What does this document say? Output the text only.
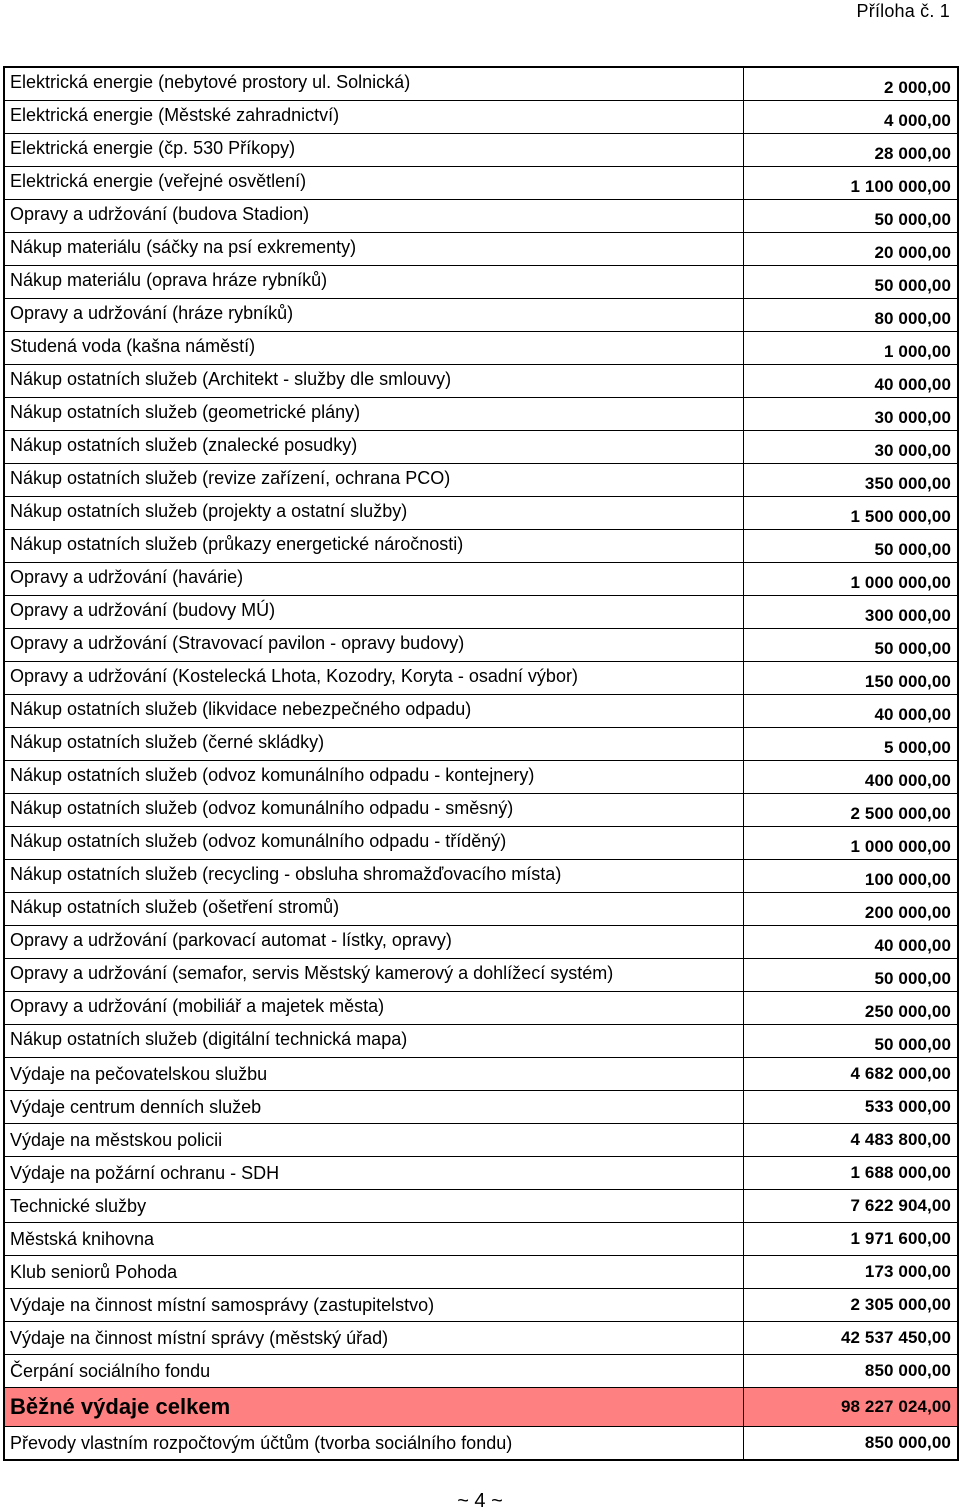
Příloha č. 1
Elektrická energie (nebytové prostory ul. Solnická)	2 000,00
Elektrická energie (Městské zahradnictví)	4 000,00
Elektrická energie (čp. 530 Příkopy)	28 000,00
Elektrická energie (veřejné osvětlení)	1 100 000,00
Opravy a udržování (budova Stadion)	50 000,00
Nákup materiálu (sáčky na psí exkrementy)	20 000,00
Nákup materiálu (oprava hráze rybníků)	50 000,00
Opravy a udržování (hráze rybníků)	80 000,00
Studená voda (kašna náměstí)	1 000,00
Nákup ostatních služeb (Architekt - služby dle smlouvy)	40 000,00
Nákup ostatních služeb (geometrické plány)	30 000,00
Nákup ostatních služeb (znalecké posudky)	30 000,00
Nákup ostatních služeb (revize zařízení, ochrana PCO)	350 000,00
Nákup ostatních služeb (projekty a ostatní služby)	1 500 000,00
Nákup ostatních služeb (průkazy energetické náročnosti)	50 000,00
Opravy a udržování (havárie)	1 000 000,00
Opravy a udržování (budovy MÚ)	300 000,00
Opravy a udržování (Stravovací pavilon - opravy budovy)	50 000,00
Opravy a udržování (Kostelecká Lhota, Kozodry, Koryta - osadní výbor)	150 000,00
Nákup ostatních služeb (likvidace nebezpečného odpadu)	40 000,00
Nákup ostatních služeb (černé skládky)	5 000,00
Nákup ostatních služeb (odvoz komunálního odpadu - kontejnery)	400 000,00
Nákup ostatních služeb (odvoz komunálního odpadu - směsný)	2 500 000,00
Nákup ostatních služeb (odvoz komunálního odpadu - tříděný)	1 000 000,00
Nákup ostatních služeb (recycling - obsluha shromažďovacího místa)	100 000,00
Nákup ostatních služeb (ošetření stromů)	200 000,00
Opravy a udržování (parkovací automat - lístky, opravy)	40 000,00
Opravy a udržování (semafor, servis Městský kamerový a dohlížecí systém)	50 000,00
Opravy a udržování (mobiliář a majetek města)	250 000,00
Nákup ostatních služeb (digitální technická mapa)	50 000,00
Výdaje na pečovatelskou službu	4 682 000,00
Výdaje centrum denních služeb	533 000,00
Výdaje na městskou policii	4 483 800,00
Výdaje na požární ochranu - SDH	1 688 000,00
Technické služby	7 622 904,00
Městská knihovna	1 971 600,00
Klub seniorů Pohoda	173 000,00
Výdaje na činnost místní samosprávy (zastupitelstvo)	2 305 000,00
Výdaje na činnost místní správy (městský úřad)	42 537 450,00
Čerpání sociálního fondu	850 000,00
Běžné výdaje celkem	98 227 024,00
Převody vlastním rozpočtovým účtům (tvorba sociálního fondu)	850 000,00
~ 4 ~
